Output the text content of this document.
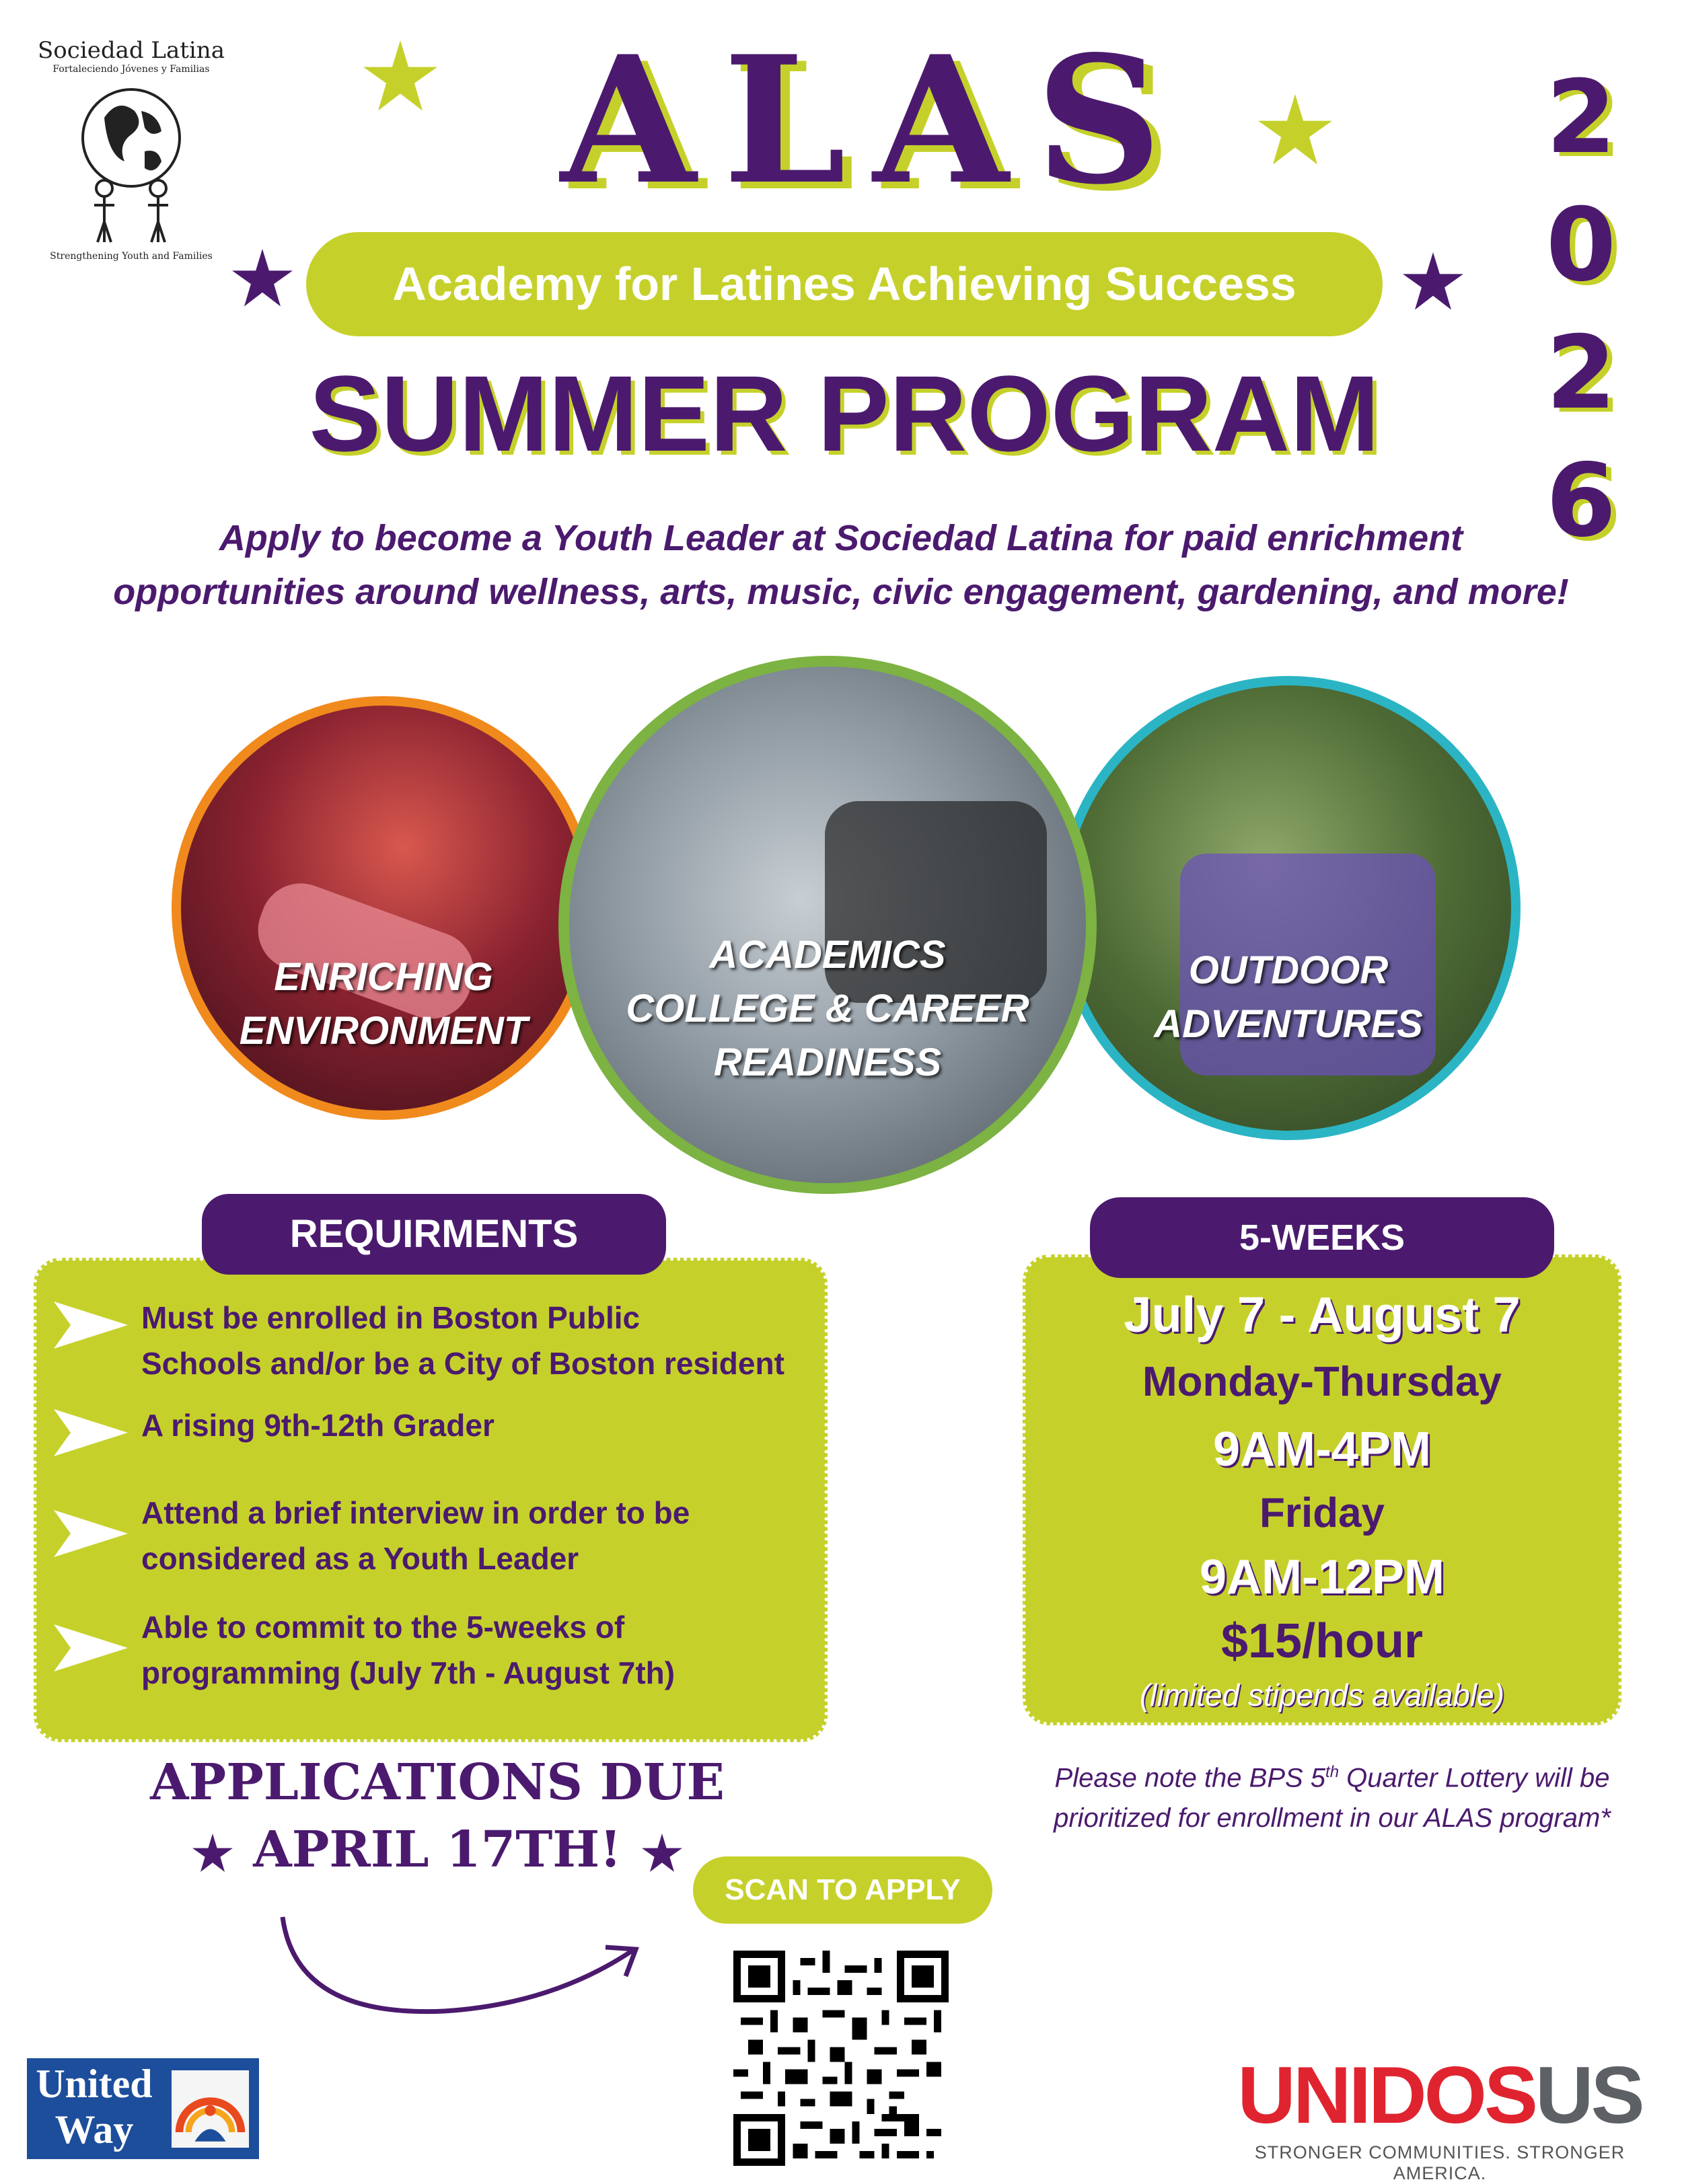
Sociedad Latina
Fortaleciendo Jóvenes y Familias
Strengthening Youth and Families
ALAS	2
0
2
6
Academy for Latines Achieving Success
SUMMER PROGRAM
Apply to become a Youth Leader at Sociedad Latina for paid enrichment
opportunities around wellness, arts, music, civic engagement, gardening, and more!
ENRICHING
ENVIRONMENT
OUTDOOR
ADVENTURES
ACADEMICS
COLLEGE & CAREER
READINESS
REQUIRMENTS
Must be enrolled in Boston Public
Schools and/or be a City of Boston resident
A rising 9th-12th Grader
Attend a brief interview in order to be
considered as a Youth Leader
Able to commit to the 5-weeks of
programming (July 7th - August 7th)
5-WEEKS
July 7 - August 7
Monday-Thursday
9AM-4PM
Friday
9AM-12PM
$15/hour
(limited stipends available)
Please note the BPS 5th Quarter Lottery will be
prioritized for enrollment in our ALAS program*
APPLICATIONS DUE
APRIL 17TH!
SCAN TO APPLY
United
Way	UNIDOSUS
STRONGER COMMUNITIES. STRONGER AMERICA.
